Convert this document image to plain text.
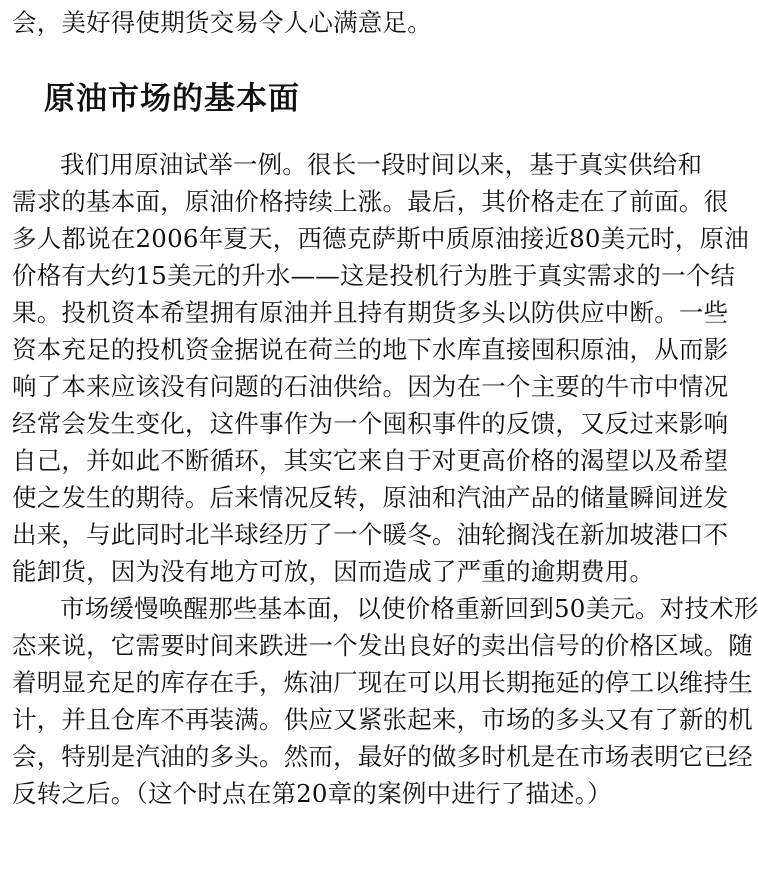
会，美好得使期货交易令人心满意足。
原油市场的基本面
我们用原油试举一例。很长一段时间以来，基于真实供给和
需求的基本面，原油价格持续上涨。最后，其价格走在了前面。很
多人都说在2006年夏天，西德克萨斯中质原油接近80美元时，原油
价格有大约15美元的升水——这是投机行为胜于真实需求的一个结
果。投机资本希望拥有原油并且持有期货多头以防供应中断。一些
资本充足的投机资金据说在荷兰的地下水库直接囤积原油，从而影
响了本来应该没有问题的石油供给。因为在一个主要的牛市中情况
经常会发生变化，这件事作为一个囤积事件的反馈，又反过来影响
自己，并如此不断循环，其实它来自于对更高价格的渴望以及希望
使之发生的期待。后来情况反转，原油和汽油产品的储量瞬间迸发
出来，与此同时北半球经历了一个暖冬。油轮搁浅在新加坡港口不
能卸货，因为没有地方可放，因而造成了严重的逾期费用。
市场缓慢唤醒那些基本面，以使价格重新回到50美元。对技术形
态来说，它需要时间来跌进一个发出良好的卖出信号的价格区域。随
着明显充足的库存在手，炼油厂现在可以用长期拖延的停工以维持生
计，并且仓库不再装满。供应又紧张起来，市场的多头又有了新的机
会，特别是汽油的多头。然而，最好的做多时机是在市场表明它已经
反转之后。（这个时点在第20章的案例中进行了描述。）
